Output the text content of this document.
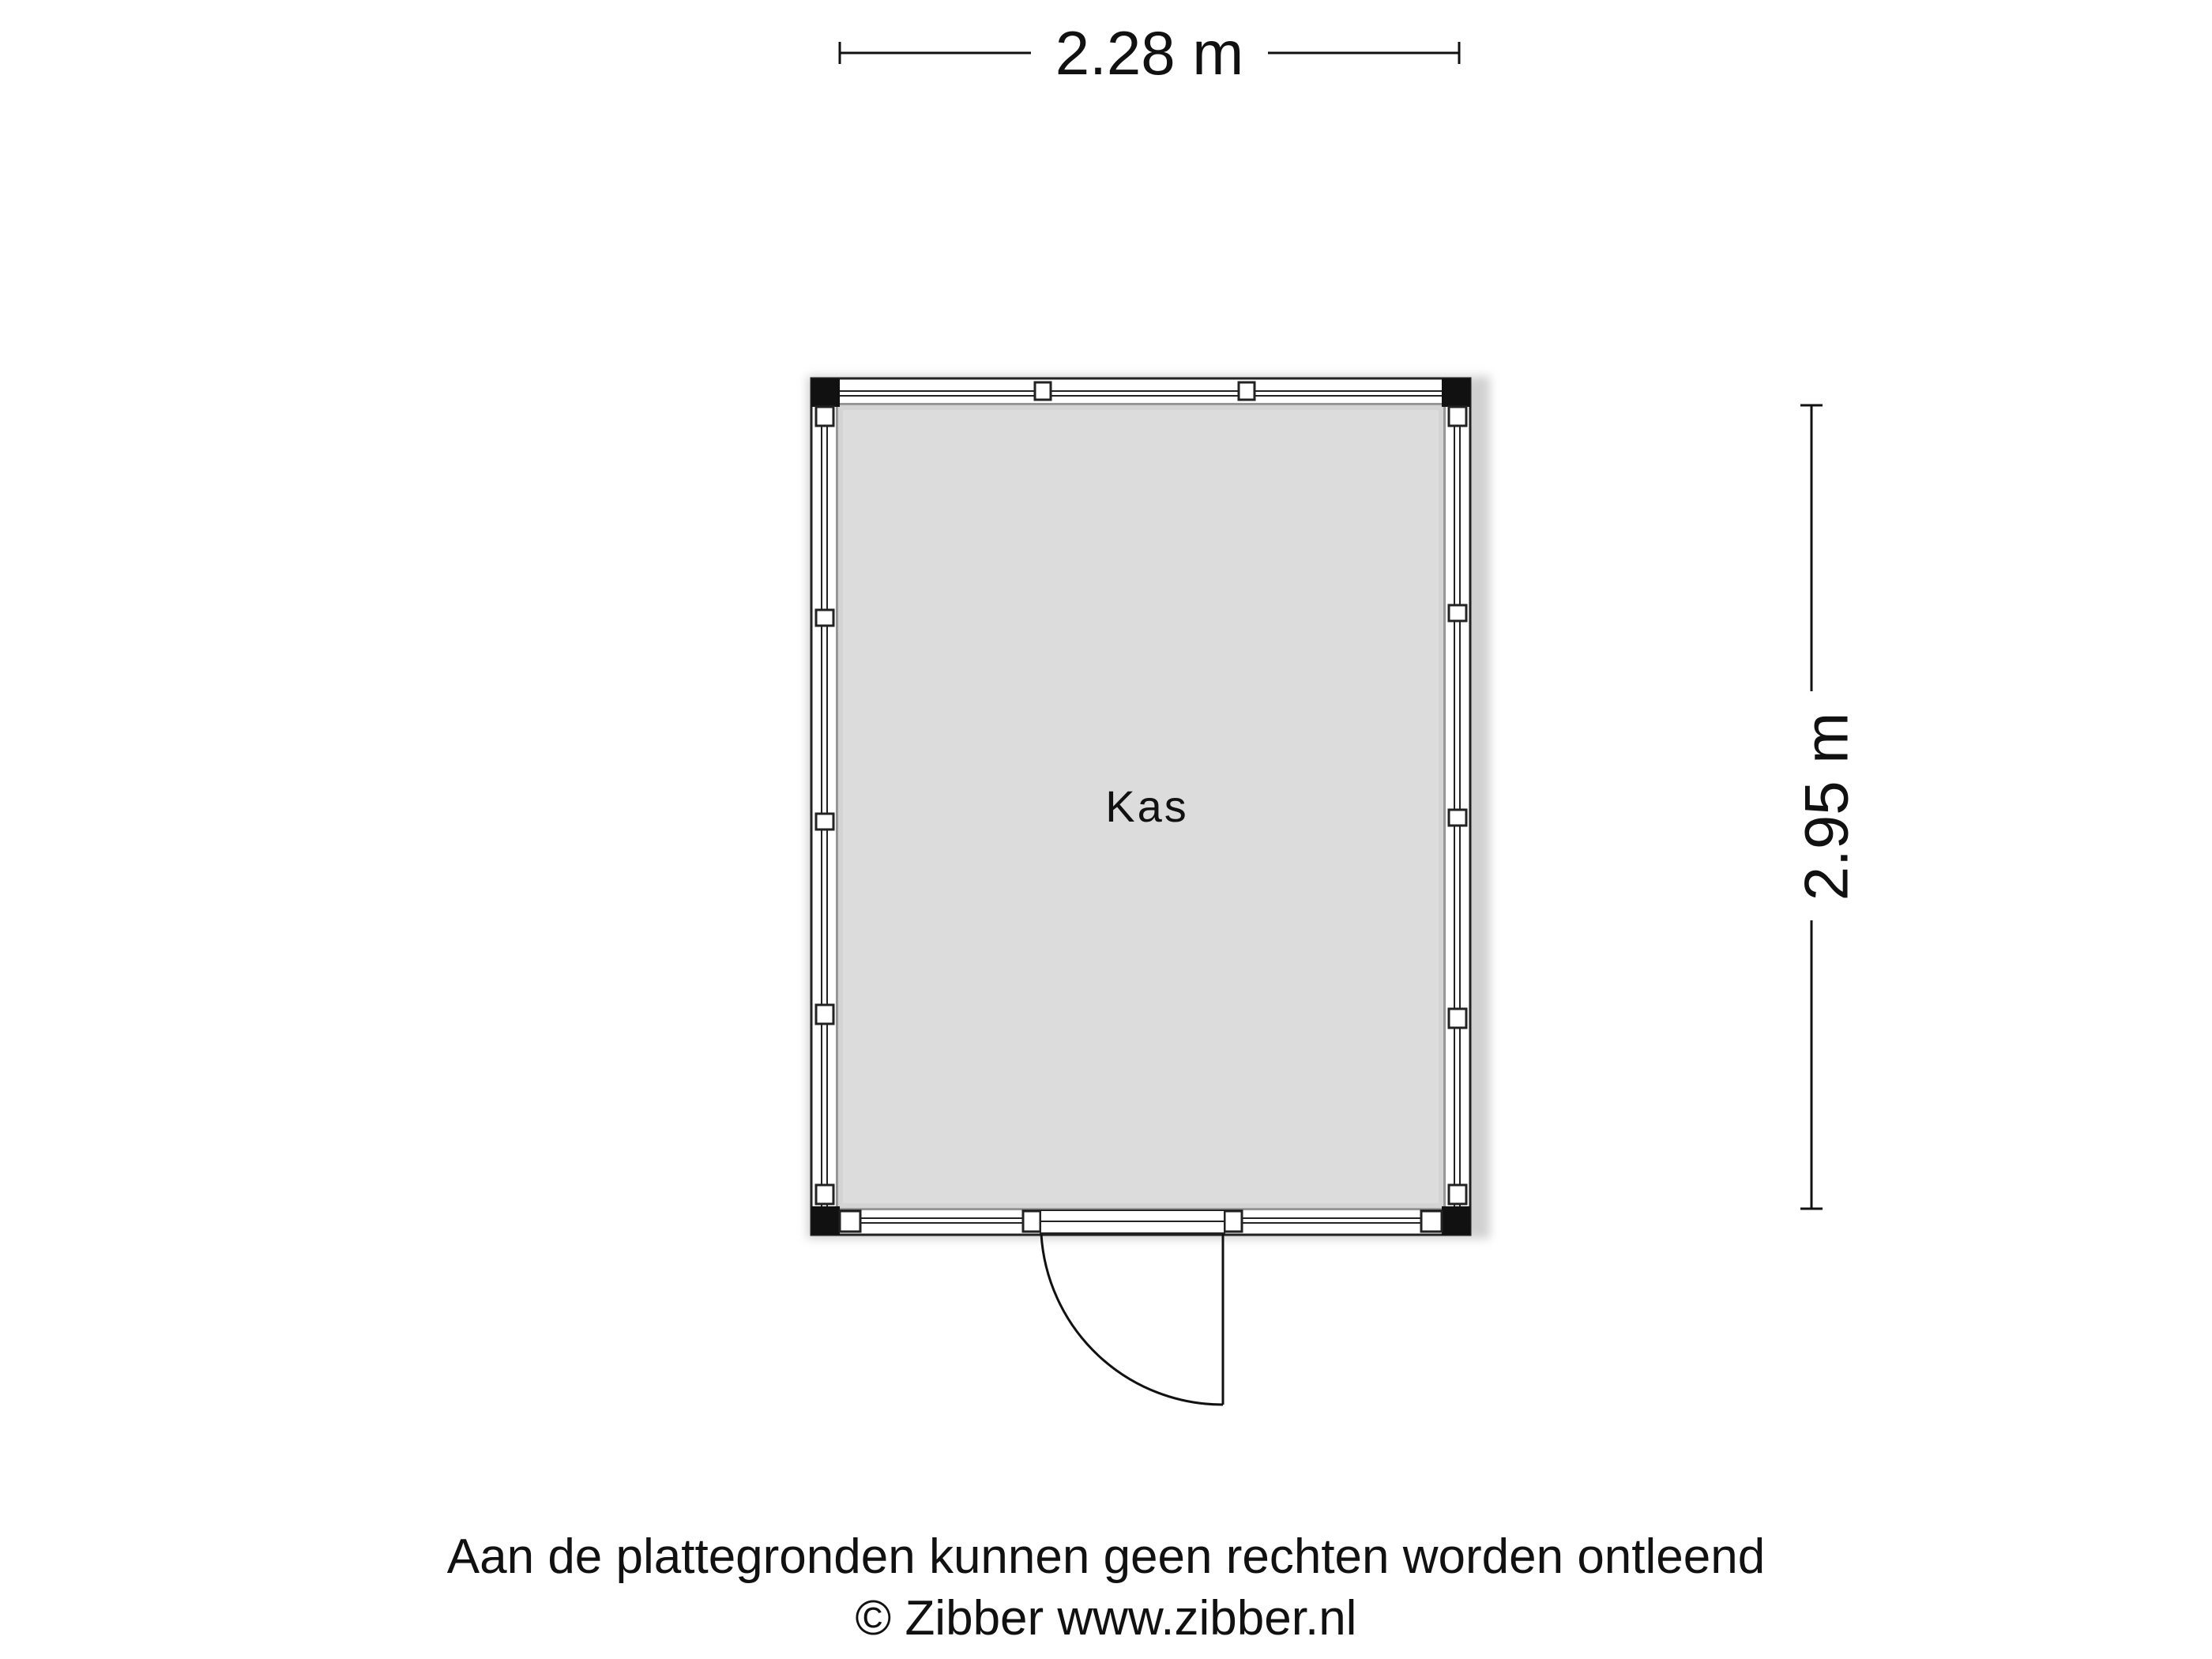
2.28 m
2.95 m
Kas
Aan de plattegronden kunnen geen rechten worden ontleend
© Zibber www.zibber.nl
